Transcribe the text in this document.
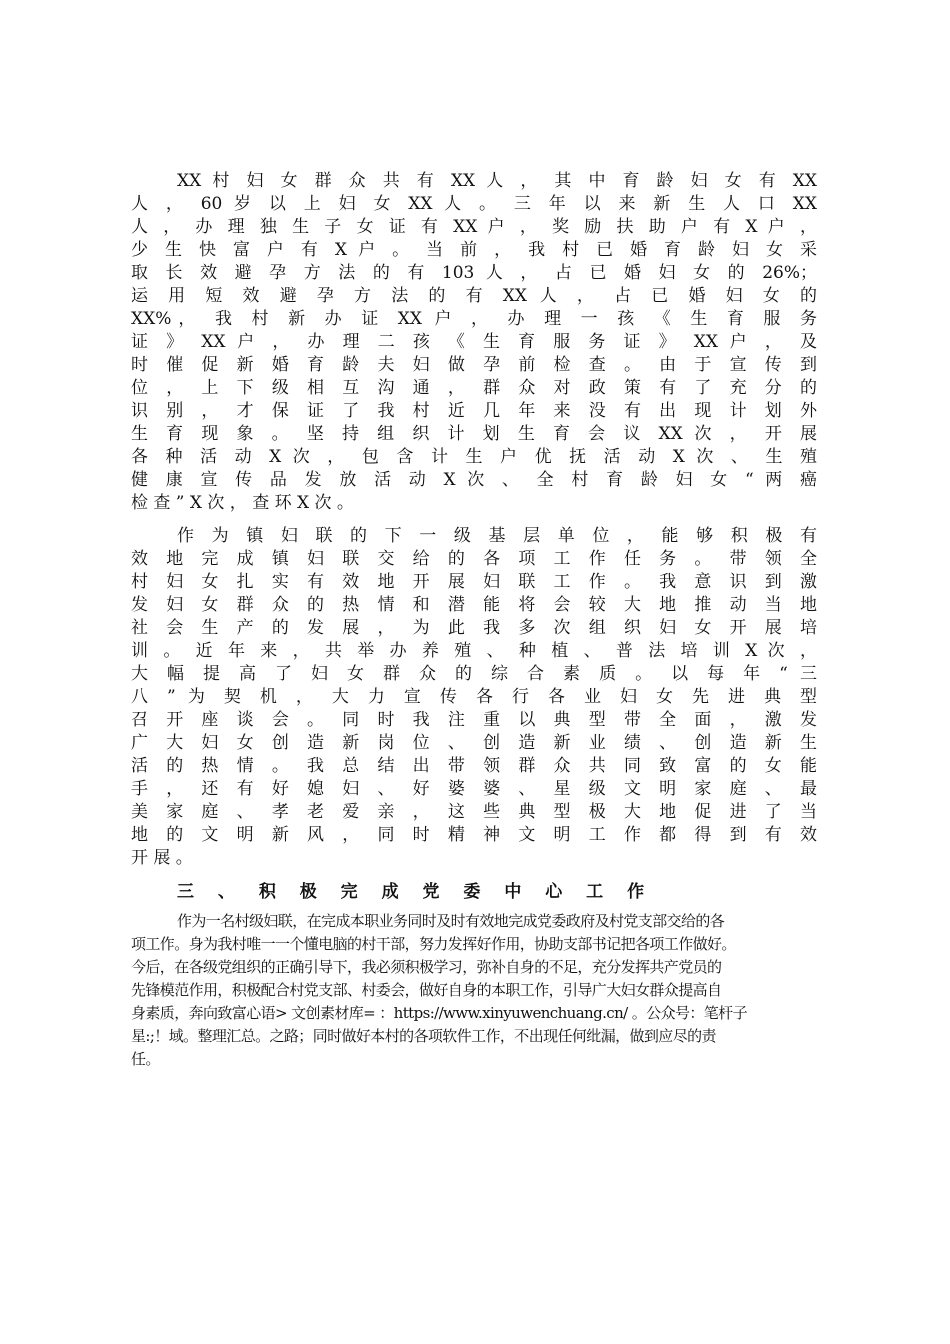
XX 村 妇 女 群 众 共 有 XX 人 ， 其 中 育 龄 妇 女 有 XX
人 ， 60 岁 以 上 妇 女 XX 人 。 三 年 以 来 新 生 人 口 XX
人 ， 办 理 独 生 子 女 证 有 XX 户 ， 奖 励 扶 助 户 有 X 户 ，
少 生 快 富 户 有 X 户 。 当 前 ， 我 村 已 婚 育 龄 妇 女 采
取 长 效 避 孕 方 法 的 有 103 人 ， 占 已 婚 妇 女 的 26%；
运 用 短 效 避 孕 方 法 的 有 XX 人 ， 占 已 婚 妇 女 的
XX%， 我 村 新 办 证 XX 户 ， 办 理 一 孩 《 生 育 服 务
证 》 XX 户 ， 办 理 二 孩 《 生 育 服 务 证 》 XX 户 ， 及
时 催 促 新 婚 育 龄 夫 妇 做 孕 前 检 查 。 由 于 宣 传 到
位 ， 上 下 级 相 互 沟 通 ， 群 众 对 政 策 有 了 充 分 的
识 别 ， 才 保 证 了 我 村 近 几 年 来 没 有 出 现 计 划 外
生 育 现 象 。 坚 持 组 织 计 划 生 育 会 议 XX 次 ， 开 展
各 种 活 动 X 次 ， 包 含 计 生 户 优 抚 活 动 X 次 、 生 殖
健 康 宣 传 品 发 放 活 动 X 次 、 全 村 育 龄 妇 女 “ 两 癌
检 查 ” X 次 ， 查 环 X 次 。
作 为 镇 妇 联 的 下 一 级 基 层 单 位 ， 能 够 积 极 有
效 地 完 成 镇 妇 联 交 给 的 各 项 工 作 任 务 。 带 领 全
村 妇 女 扎 实 有 效 地 开 展 妇 联 工 作 。 我 意 识 到 激
发 妇 女 群 众 的 热 情 和 潜 能 将 会 较 大 地 推 动 当 地
社 会 生 产 的 发 展 ， 为 此 我 多 次 组 织 妇 女 开 展 培
训 。 近 年 来 ， 共 举 办 养 殖 、 种 植 、 普 法 培 训 X 次 ，
大 幅 提 高 了 妇 女 群 众 的 综 合 素 质 。 以 每 年 “ 三
八 ” 为 契 机 ， 大 力 宣 传 各 行 各 业 妇 女 先 进 典 型
召 开 座 谈 会 。 同 时 我 注 重 以 典 型 带 全 面 ， 激 发
广 大 妇 女 创 造 新 岗 位 、 创 造 新 业 绩 、 创 造 新 生
活 的 热 情 。 我 总 结 出 带 领 群 众 共 同 致 富 的 女 能
手 ， 还 有 好 媳 妇 、 好 婆 婆 、 星 级 文 明 家 庭 、 最
美 家 庭 、 孝 老 爱 亲 ， 这 些 典 型 极 大 地 促 进 了 当
地 的 文 明 新 风 ， 同 时 精 神 文 明 工 作 都 得 到 有 效
开 展 。
三 、 积 极 完 成 党 委 中 心 工 作
作为一名村级妇联，在完成本职业务同时及时有效地完成党委政府及村党支部交给的各
项工作。身为我村唯一一个懂电脑的村干部，努力发挥好作用，协助支部书记把各项工作做好。
今后，在各级党组织的正确引导下，我必须积极学习，弥补自身的不足，充分发挥共产党员的
先锋模范作用，积极配合村党支部、村委会，做好自身的本职工作，引导广大妇女群众提高自
身素质，奔向致富心语> 文创素材库= ：https://www.xinyuwenchuang.cn/ 。公众号：笔杆子
星:;！域。整理汇总。之路；同时做好本村的各项软件工作，不出现任何纰漏，做到应尽的责
任。
